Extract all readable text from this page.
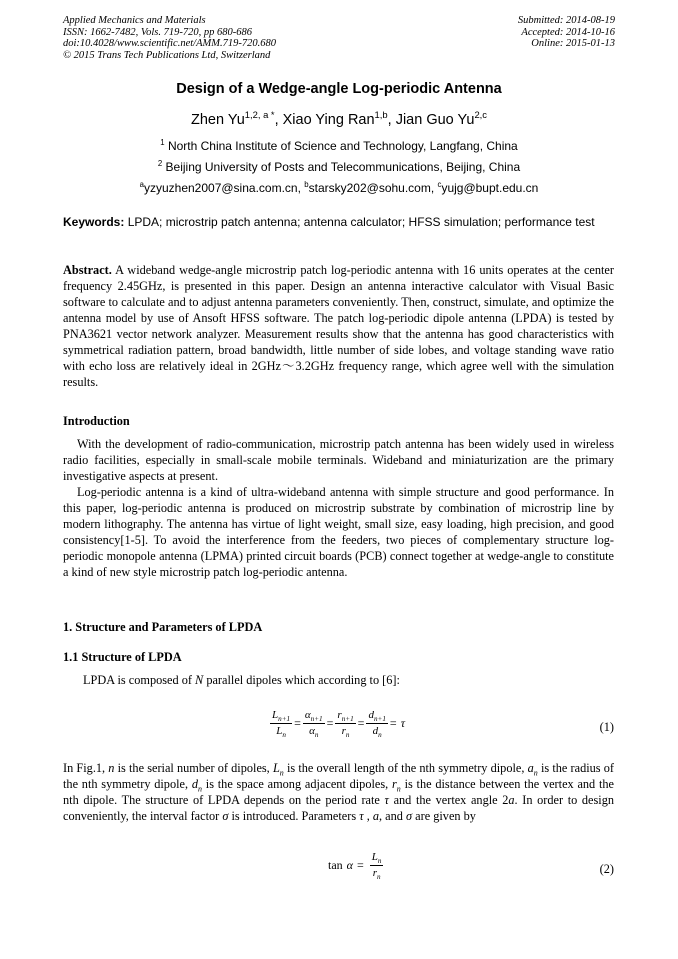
Applied Mechanics and Materials
ISSN: 1662-7482, Vols. 719-720, pp 680-686
doi:10.4028/www.scientific.net/AMM.719-720.680
© 2015 Trans Tech Publications Ltd, Switzerland
Submitted: 2014-08-19
Accepted: 2014-10-16
Online: 2015-01-13
Design of a Wedge-angle Log-periodic Antenna
Zhen $Yu^{1,2, a *}$, Xiao Ying Ran$^{1,b}$, Jian Guo Yu$^{2,c}$
$^1$ North China Institute of Science and Technology, Langfang, China
$^2$ Beijing University of Posts and Telecommunications, Beijing, China
$^a$yzyuzhen2007@sina.com.cn, $^b$starsky202@sohu.com, $^c$yujg@bupt.edu.cn
Keywords: LPDA; microstrip patch antenna; antenna calculator; HFSS simulation; performance test
Abstract. A wideband wedge-angle microstrip patch log-periodic antenna with 16 units operates at the center frequency 2.45GHz, is presented in this paper. Design an antenna interactive calculator with Visual Basic software to calculate and to adjust antenna parameters conveniently. Then, construct, simulate, and optimize the antenna model by use of Ansoft HFSS software. The patch log-periodic dipole antenna (LPDA) is tested by PNA3621 vector network analyzer. Measurement results show that the antenna has good characteristics with symmetrical radiation pattern, broad bandwidth, little number of side lobes, and voltage standing wave ratio with echo loss are relatively ideal in 2GHz～3.2GHz frequency range, which agree well with the simulation results.
Introduction
With the development of radio-communication, microstrip patch antenna has been widely used in wireless radio facilities, especially in small-scale mobile terminals. Wideband and miniaturization are the primary investigative aspects at present.
Log-periodic antenna is a kind of ultra-wideband antenna with simple structure and good performance. In this paper, log-periodic antenna is produced on microstrip substrate by combination of microstrip line by modern lithography. The antenna has virtue of light weight, small size, easy loading, high precision, and good consistency[1-5]. To avoid the interference from the feeders, two pieces of complementary structure log-periodic monopole antenna (LPMA) printed circuit boards (PCB) connect together at wedge-angle to constitute a kind of new style microstrip patch log-periodic antenna.
1. Structure and Parameters of LPDA
1.1 Structure of LPDA
LPDA is composed of N parallel dipoles which according to [6]:
$\frac{L_{n+1}}{L_n} = \frac{\alpha_{n+1}}{\alpha_n} = \frac{r_{n+1}}{r_n} = \frac{d_{n+1}}{d_n} = \tau$	(1)
In Fig.1, n is the serial number of dipoles, $L_n$ is the overall length of the nth symmetry dipole, $a_n$ is the radius of the nth symmetry dipole, $d_n$ is the space among adjacent dipoles, $r_n$ is the distance between the vertex and the nth dipole. The structure of LPDA depends on the period rate τ and the vertex angle 2a. In order to design conveniently, the interval factor σ is introduced. Parameters τ , a, and σ are given by
$\tan \alpha = \frac{L_n}{r_n}$	(2)
